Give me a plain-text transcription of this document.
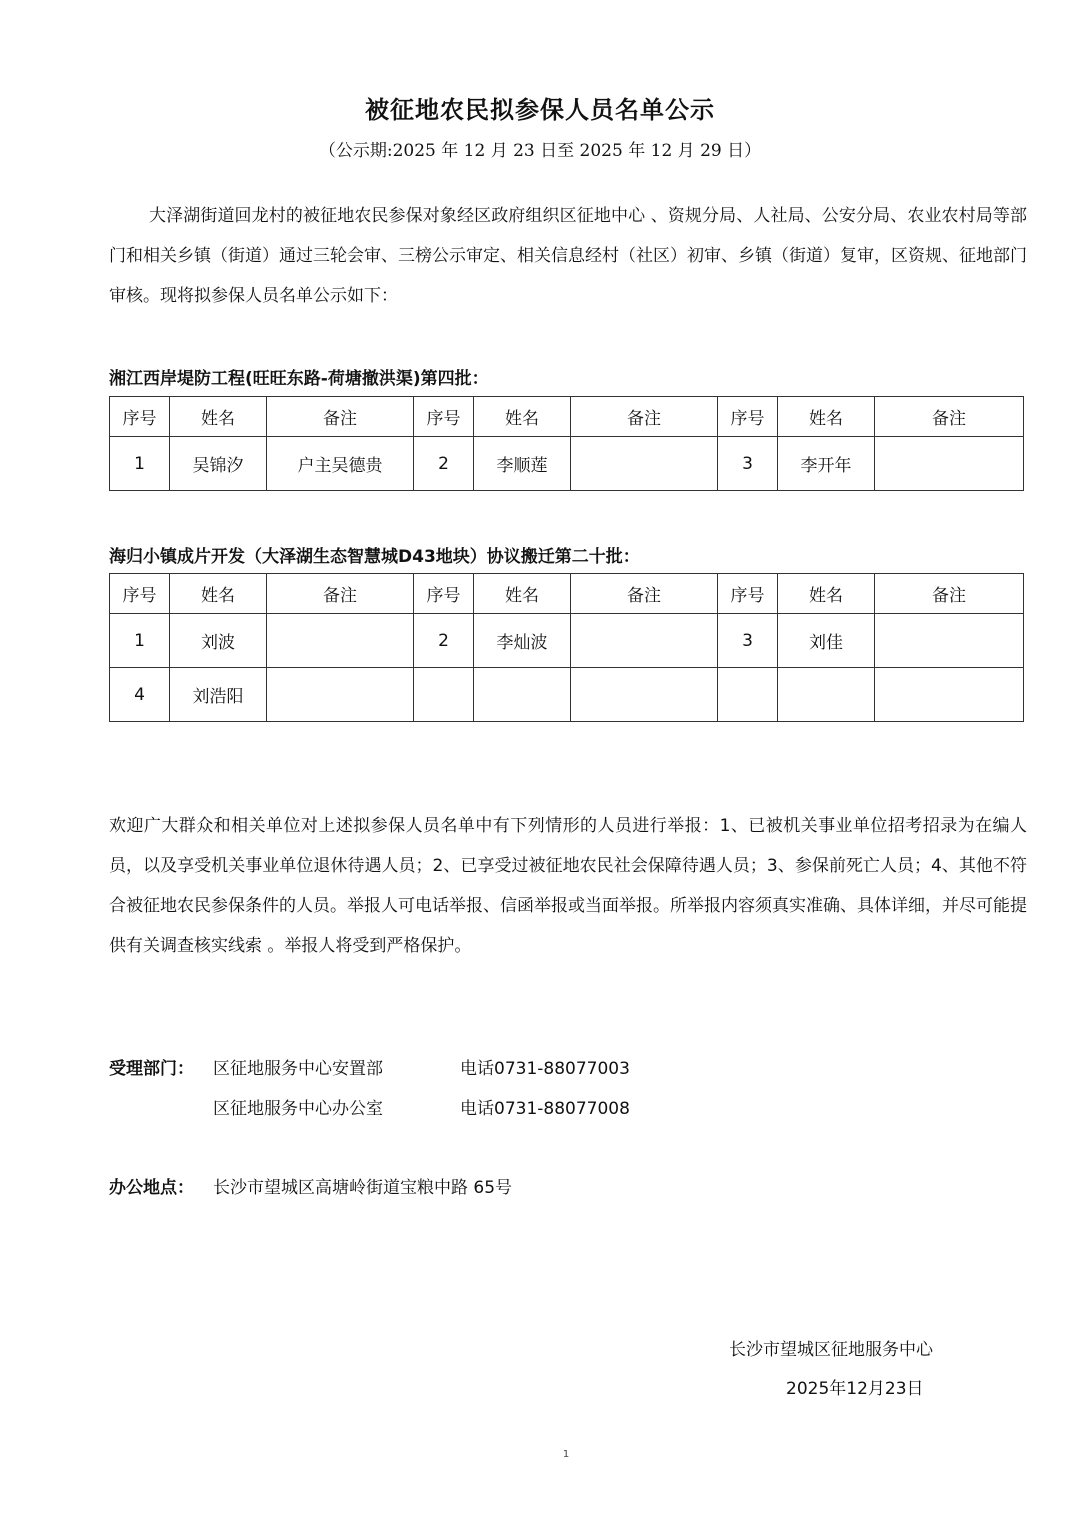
被征地农民拟参保人员名单公示
（公示期:2025 年 12 月 23 日至 2025 年 12 月 29 日）
大泽湖街道回龙村的被征地农民参保对象经区政府组织区征地中心 、资规分局、人社局、公安分局、农业农村局等部门和相关乡镇（街道）通过三轮会审、三榜公示审定、相关信息经村（社区）初审、乡镇（街道）复审，区资规、征地部门审核。现将拟参保人员名单公示如下：
湘江西岸堤防工程(旺旺东路-荷塘撤洪渠)第四批：
序号	姓名	备注	序号	姓名	备注	序号	姓名	备注
1	吴锦汐	户主吴德贵	2	李顺莲		3	李开年	
海归小镇成片开发（大泽湖生态智慧城D43地块）协议搬迁第二十批：
序号	姓名	备注	序号	姓名	备注	序号	姓名	备注
1	刘波		2	李灿波		3	刘佳	
4	刘浩阳							
欢迎广大群众和相关单位对上述拟参保人员名单中有下列情形的人员进行举报：1、已被机关事业单位招考招录为在编人员，以及享受机关事业单位退休待遇人员；2、已享受过被征地农民社会保障待遇人员；3、参保前死亡人员；4、其他不符合被征地农民参保条件的人员。举报人可电话举报、信函举报或当面举报。所举报内容须真实准确、具体详细，并尽可能提供有关调查核实线索 。举报人将受到严格保护。
受理部门： 区征地服务中心安置部	电话0731-88077003
区征地服务中心办公室	电话0731-88077008
办公地点： 长沙市望城区高塘岭街道宝粮中路 65号
长沙市望城区征地服务中心
2025年12月23日
1
